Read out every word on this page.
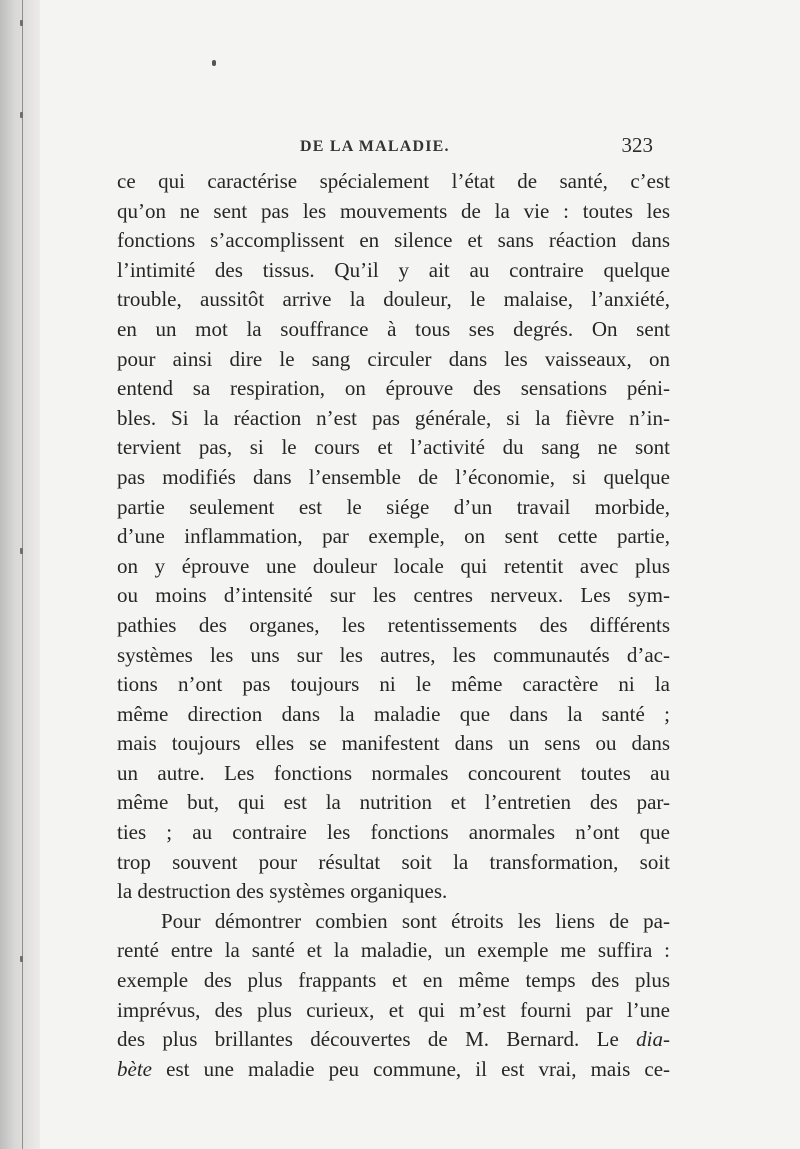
DE LA MALADIE.	323
ce qui caractérise spécialement l’état de santé, c’est
qu’on ne sent pas les mouvements de la vie : toutes les
fonctions s’accomplissent en silence et sans réaction dans
l’intimité des tissus. Qu’il y ait au contraire quelque
trouble, aussitôt arrive la douleur, le malaise, l’anxiété,
en un mot la souffrance à tous ses degrés. On sent
pour ainsi dire le sang circuler dans les vaisseaux, on
entend sa respiration, on éprouve des sensations péni-
bles. Si la réaction n’est pas générale, si la fièvre n’in-
tervient pas, si le cours et l’activité du sang ne sont
pas modifiés dans l’ensemble de l’économie, si quelque
partie seulement est le siége d’un travail morbide,
d’une inflammation, par exemple, on sent cette partie,
on y éprouve une douleur locale qui retentit avec plus
ou moins d’intensité sur les centres nerveux. Les sym-
pathies des organes, les retentissements des différents
systèmes les uns sur les autres, les communautés d’ac-
tions n’ont pas toujours ni le même caractère ni la
même direction dans la maladie que dans la santé ;
mais toujours elles se manifestent dans un sens ou dans
un autre. Les fonctions normales concourent toutes au
même but, qui est la nutrition et l’entretien des par-
ties ; au contraire les fonctions anormales n’ont que
trop souvent pour résultat soit la transformation, soit
la destruction des systèmes organiques.
Pour démontrer combien sont étroits les liens de pa-
renté entre la santé et la maladie, un exemple me suffira :
exemple des plus frappants et en même temps des plus
imprévus, des plus curieux, et qui m’est fourni par l’une
des plus brillantes découvertes de M. Bernard. Le dia-
bète est une maladie peu commune, il est vrai, mais ce-
